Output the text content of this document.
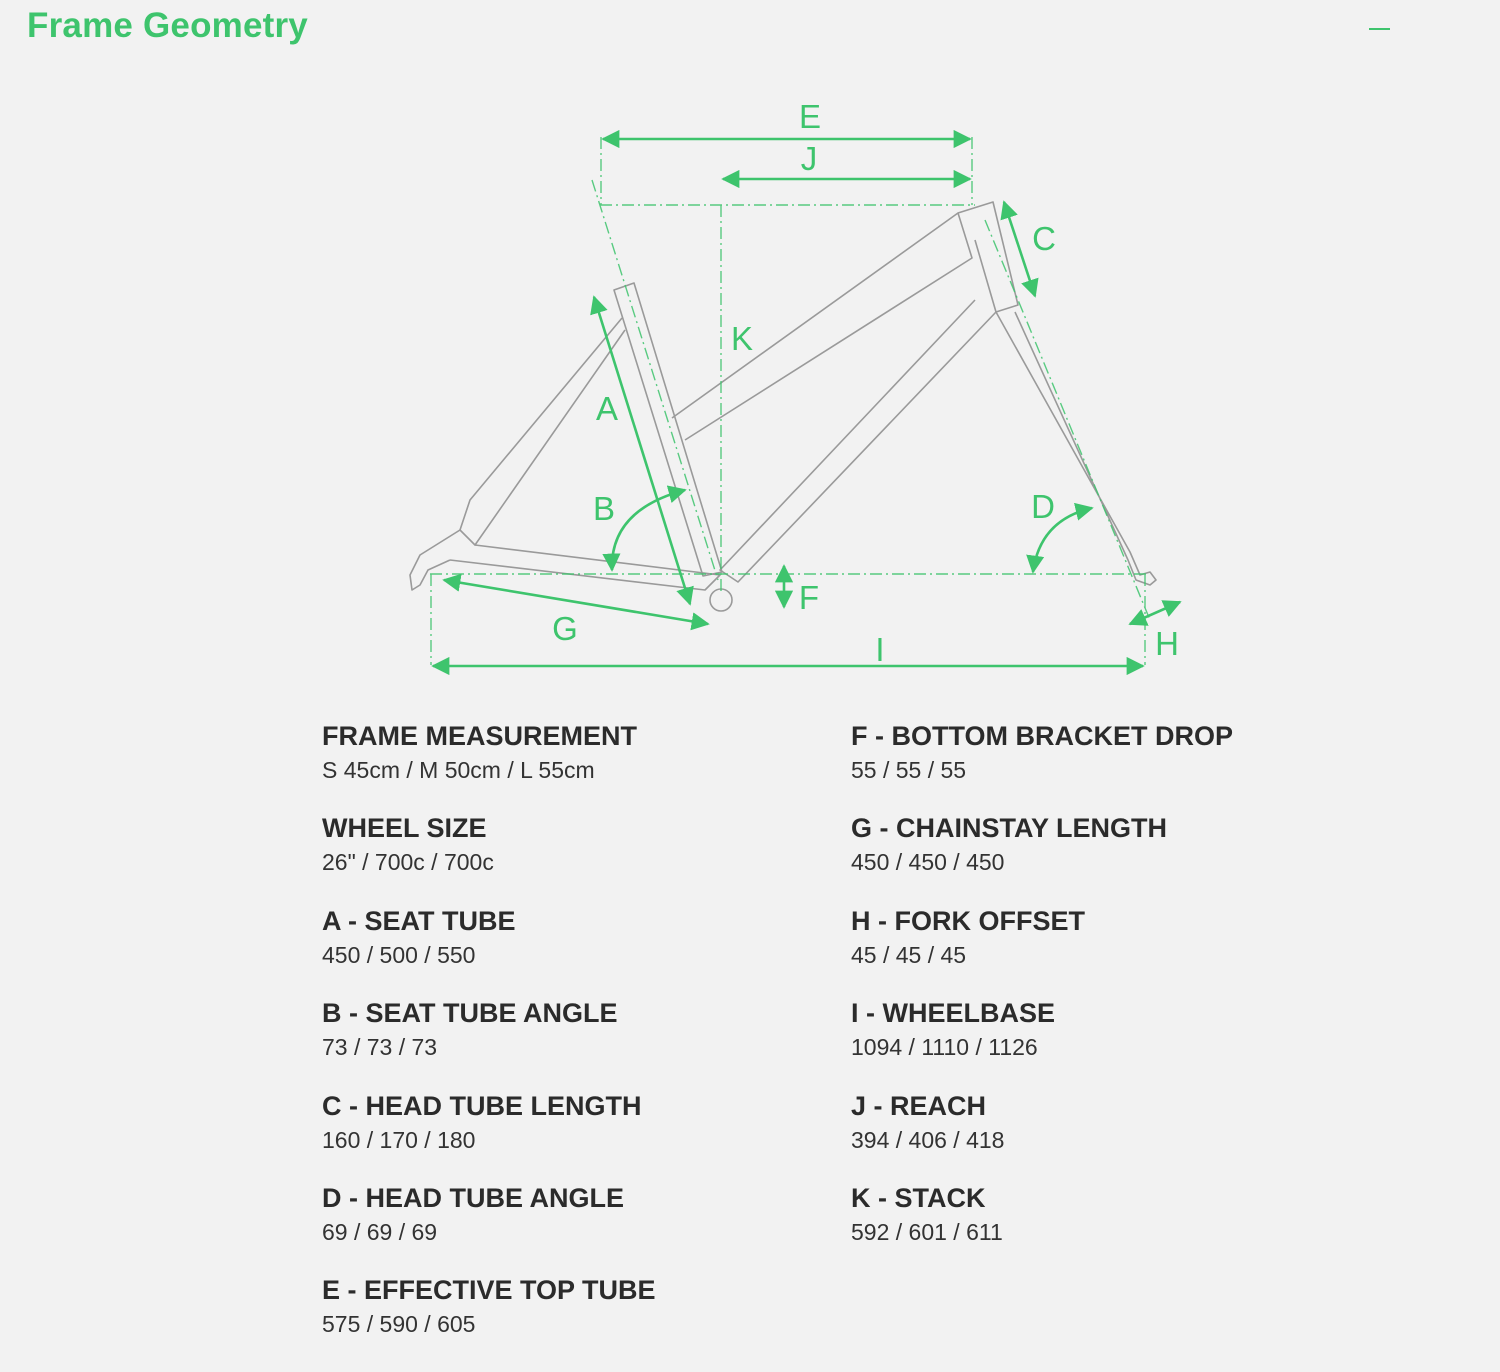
Frame Geometry
E
J
C
K
A
B	D
F
G
I	H
FRAME MEASUREMENT
S 45cm / M 50cm / L 55cm
WHEEL SIZE
26" / 700c / 700c
A - SEAT TUBE
450 / 500 / 550
B - SEAT TUBE ANGLE
73 / 73 / 73
C - HEAD TUBE LENGTH
160 / 170 / 180
D - HEAD TUBE ANGLE
69 / 69 / 69
E - EFFECTIVE TOP TUBE
575 / 590 / 605
F - BOTTOM BRACKET DROP
55 / 55 / 55
G - CHAINSTAY LENGTH
450 / 450 / 450
H - FORK OFFSET
45 / 45 / 45
I - WHEELBASE
1094 / 1110 / 1126
J - REACH
394 / 406 / 418
K - STACK
592 / 601 / 611
